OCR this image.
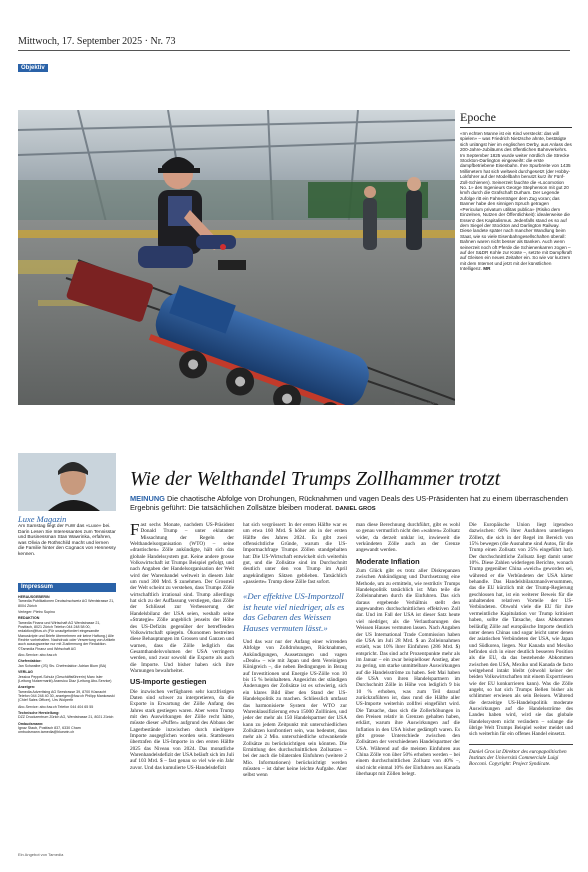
Mittwoch, 17. September 2025 · Nr. 73
Objektiv
BILD: ADAM VAUGHAN/KEYSTONE
Epoche

«Im echten Manne ist ein Kind versteckt: das will spielen» – was Friedrich Nietzsche ahnte, bestätigte sich unlängst hier im englischen Derby, aus Anlass des 200-Jahre-Jubiläums des öffentlichen Bahnverkehrs. Im September 1825 wurde weiter nördlich die Strecke Stockton-Darlington eingeweiht: die erste dampfbetriebene Eisenbahn. Ihre Spurbreite von 1435 Millimetern hat sich weltweit durchgesetzt (der Hobby-Lokführer auf der Modellbahn benutzt kurz ihr Fünf-Zoll-Schienen). Seinerzeit fauchte die «Locomotion No. 1» des Ingenieurs George Stephenson mit gut 20 km/h durch die Grafschaft Durham. Der Legende zufolge ritt ein Fahnenträger dem Zug voran; das Banner habe den sinnigen Spruch getragen «Periculum privatum utilitas publica» (Risiko dem Einzelnen, Nutzen der Öffentlichkeit): idealerweise die Essenz des Kapitalismus. Jedenfalls stand es so auf dem Siegel der Stockton and Darlington Railway. Diese landete später nach mancher Wandlung beim Staat, wie so viele Eisenbahngesellschaften überall: Bahnen waren nicht besser als Banken. Auch wenn seinerzeit noch oft Pferde die Schienenkarren zogen – auf der S&DR Kohle zur Küste –, setzte mit Dampfkraft auf Gleisen ein neues Zeitalter ein. So wie vor kurzem mit dem Internet und jetzt mit der künstlichen Intelligenz. MR

Luxe Magazin

Am Samstag liegt der FuW das «Luxe» bei. Darin Lesen Sie Interessantes zum Tennisstar und Businessman Stan Wawrinka, erfahren, was Olivia de Rothschild macht und lernen die Familie hinter den Cognacs von Hennessy kennen.

Impressum

HERAUSGEBERIN
Tamedia Publikationen Deutschschweiz AG Werdstrasse 21, 8004 Zürich

Verleger: Pietro Supino

REDAKTION
Tamedia Finanz und Wirtschaft AG Werdstrasse 21, Postfach, 8021 Zürich Telefon 044 248 58 00, redaktion@fuw.ch (Für unaufgefordert eingesandte Manuskripte und Briefe übernehmen wir keine Haftung.) Alle Rechte vorbehalten. Nachdruck oder Verwertung von Artikeln auch auszugsweise nur mit Zustimmung der Redaktion. ©Tamedia Finanz und Wirtschaft AG

Abo-Service: abo.fuw.ch

Chefredaktor:
Jan Schwalbe (JS) Stv. Chefredaktor: Adrian Blum (BA)

VERLAG
Jessica Peppel-Schulz (Geschäftsführerin) Marc Isler (Leitung Nutzermarkt) Aransiou Diaz (Leitung Abo-Service)

Anzeigen:
Tamedia Advertising AG Seestrasse 39, 8700 Küsnacht Telefon 044 248 40 30, anzeigen@fuw.ch Philipp Mankowski (Chief Sales Officer), Urs Wolperth

Abo-Service: abo.fuw.ch Telefon 044 404 65 55

Technische Herstellung:
DZZ Druckzentrum Zürich AG, Werdstrasse 21, 8021 Zürich

Ombudsmann:
Ignaz Staub, Postfach 837, 6330 Cham ombudsmann.tamedia@bluewin.ch

Ein Angebot von Tamedia
Wie der Welthandel Trumps Zollhammer trotzt
MEINUNG Die chaotische Abfolge von Drohungen, Rücknahmen und vagen Deals des US-Präsidenten hat zu einem überraschenden Ergebnis geführt: Die tatsächlichen Zollsätze bleiben moderat. DANIEL GROS

Fast sechs Monate, nachdem US-Präsident Donald Trump – unter eklatanter Missachtung der Regeln der Welthandelsorganisation (WTO) – seine «drastischen» Zölle ankündigte, hält sich das globale Handelssystem gut. Keine andere grosse Volkswirtschaft ist Trumps Beispiel gefolgt, und nach Angaben der Handelsorganisation der Welt wird der Warenhandel weltweit in diesem Jahr um rund 300 Mrd. $ zunehmen. Der Grossteil der Welt scheint zu verstehen, dass Trumps Zölle wirtschaftlich irrational sind. Trump allerdings hat sich zu der Auffassung verstiegen, dass Zölle der Schlüssel zur Verbesserung der Handelsbilanz der USA seien, weshalb seine «Strategie» Zölle angeblich jenseits der Höhe des US-Defizits gegenüber der betreffenden Volkswirtschaft spiegeln. Ökonomen bestreiten diese Behauptungen im Grossen und Ganzen und warnen, dass die Zölle lediglich das Gesamthandelsvolumen der USA verringern werden, und zwar sowohl die Exporte als auch die Importe. Und bisher haben sich ihre Warnungen bewahrheitet.

US-Importe gestiegen

Die inzwischen verfügbaren sehr kurzfristigen Daten sind schwer zu interpretieren, da die Exporte in Erwartung der Zölle Anfang des Jahres stark gestiegen waren. Aber wenn Trump mit den Auswirkungen der Zölle recht hätte, müsste dieser «Puffer» aufgrund des Abbaus der Lagerbestände inzwischen durch niedrigere Importe ausgeglichen worden sein. Stattdessen übertrafen die US-Importe in den ersten Hälfte 2025 das Niveau von 2024. Das monatliche Warenhandelsdefizit der USA beläuft sich im Juli auf 103 Mrd. $ – fast genau so viel wie ein Jahr zuvor. Und das kumulierte US-Handelsdefizit

hat sich vergrössert: In der ersten Hälfte war es um etwa 160 Mrd. $ höher als in der ersten Hälfte des Jahres 2024. Es gibt zwei offensichtliche Gründe, warum die US-Importnachfrage Trumps Zöllen standgehalten hat: Die US-Wirtschaft entwickelt sich weiterhin gut, und die Zollsätze sind im Durchschnitt deutlich unter den von Trump im April angekündigten Sätzen geblieben. Tatsächlich «passierte» Trump diese Zölle fast sofort.

«Der effektive US-Importzoll ist heute viel niedriger, als es das Gebaren des Weissen Hauses vermuten lässt.»

Und das war nur der Anfang einer wirrenden Abfolge von Zolldrohungen, Rücknahmen, Ankündigungen, Aussetzungen und vagen «Deals» – wie mit Japan und dem Vereinigten Königreich –, die neben Bedingungen in Bezug auf Investitionen und Energie US-Zölle von 10 bis 15 % beinhalteten. Angesichts der ständigen Änderungen der Zollsätze ist es schwierig, sich ein klares Bild über den Stand der US-Handelspolitik zu machen. Schliesslich umfasst das harmonisierte System der WTO zur Warenklassifizierung etwa 15000 Zolllinien, und jeder der mehr als 150 Handelspartner der USA kann zu jedem Zeitpunkt mit unterschiedlichen Zollsätzen konfrontiert sein, was bedeutet, dass mehr als 2 Mio. unterschiedliche schwankende Zollsätze zu berücksichtigen sein könnten. Die Ermittlung des durchschnittlichen Zollsatzes – bei der auch die bilateralen Einfuhren (weitere 2 Mio. Informationen) berücksichtigt werden müssten – ist daher keine leichte Aufgabe. Aber selbst wenn

man diese Berechnung durchführt, gibt es wohl so genau vermutlich nicht den «wahren» Zollsatz wider, da derzeit unklar ist, inwieweit die verkündeten Zölle auch an der Grenze angewandt werden.

Moderate Inflation

Zum Glück gibt es trotz aller Diskrepanzen zwischen Ankündigung und Durchsetzung eine Methode, um zu ermitteln, wie restriktiv Trumps Handelspolitik tatsächlich ist: Man teile die Zolleinnahmen durch die Einfuhren. Das sich daraus ergebende Verhältnis stellt den angewandten durchschnittlichen effektiven Zoll dar. Und im Fall der USA ist dieser Satz heute viel niedriger, als die Verlautbarungen des Weissen Hauses vermuten lassen. Nach Angaben der US International Trade Commission haben die USA im Juli 28 Mrd. $ an Zolleinnahmen erzielt, was 10% ihrer Einfuhren (286 Mrd. $) entspricht. Das sind acht Prozentpunkte mehr als im Januar – ein zwar beispielloser Anstieg, aber zu gering, um starke unmittelbare Auswirkungen auf die Handelsströme zu haben. Seit Mai haben die USA von ihren Handelspartnern im Durchschnitt Zölle in Höhe von lediglich 9 bis 10 % erhoben, was zum Teil darauf zurückzuführen ist, dass rund die Hälfte aller US-Importe weiterhin zollfrei eingeführt wird. Die Tatsache, dass sich die Zollerhöhungen in den Preisen relativ in Grenzen gehalten haben, erklärt, warum ihre Auswirkungen auf die Inflation in den USA bisher gedämpft waren. Es gibt grosse Unterschiede zwischen den Zollsätzen der verschiedenen Handelspartner der USA. Während auf die meisten Einfuhren aus China Zölle von über 50% erhoben werden – bei einem durchschnittlichen Zollsatz von 40% –, sind nicht einmal 10% der Einfuhren aus Kanada überhaupt mit Zöllen belegt.

Die Europäische Union liegt irgendwo dazwischen: 60% ihrer Ausfuhren unterliegen Zöllen, die sich in der Regel im Bereich von 15% bewegen (die Ausnahme sind Autos, für die Trump einen Zollsatz von 25% eingeführt hat). Der durchschnittliche Zollsatz liegt damit unter 10%. Diese Zahlen widerlegen Berichte, wonach Trump gegenüber China «weich» geworden sei, während er die Verbündeten der USA härter behandle. Das Handelsbilanzmanöversummen, das die EU kürzlich mit der Trump-Regierung geschlossen hat, ist ein weiterer Beweis für die anhaltenden relativen Vorteile der US-Verbündeten. Obwohl viele die EU für ihre vermeintliche Kapitulation vor Trump kritisiert haben, sollte die Tatsache, dass Abkommen beiläufig Zölle auf europäische Importe deutlich unter denen Chinas und sogar leicht unter denen der asiatischen Verbündeten der USA, wie Japan und Südkorea, liegen. Nur Kanada und Mexiko befinden sich in einer deutlich besseren Position als die EU, da das bestehende Abkommen zwischen den USA, Mexiko und Kanada de facto weitgehend intakt bleibt (obwohl keiner der beiden Volkswirtschaften mit einem Exportriesen wie der EU konkurrieren kann). Was die Zölle angeht, so hat sich Trumps Bellen bisher als schlimmer erwiesen als sein Beissen. Während die derzeitige US-Handelspolitik moderate Auswirkungen auf die Handelsströme des Landes haben wird, wird sie das globale Handelssystem nicht verändern – solange die übrige Welt Trumps Beispiel weiter meidet und sich weiterhin für ein offenes Handel einsetzt.

Daniel Gros ist Direktor des europapolitischen Instituts der Università Commerciale Luigi Bocconi. Copyright: Project Syndicate.
